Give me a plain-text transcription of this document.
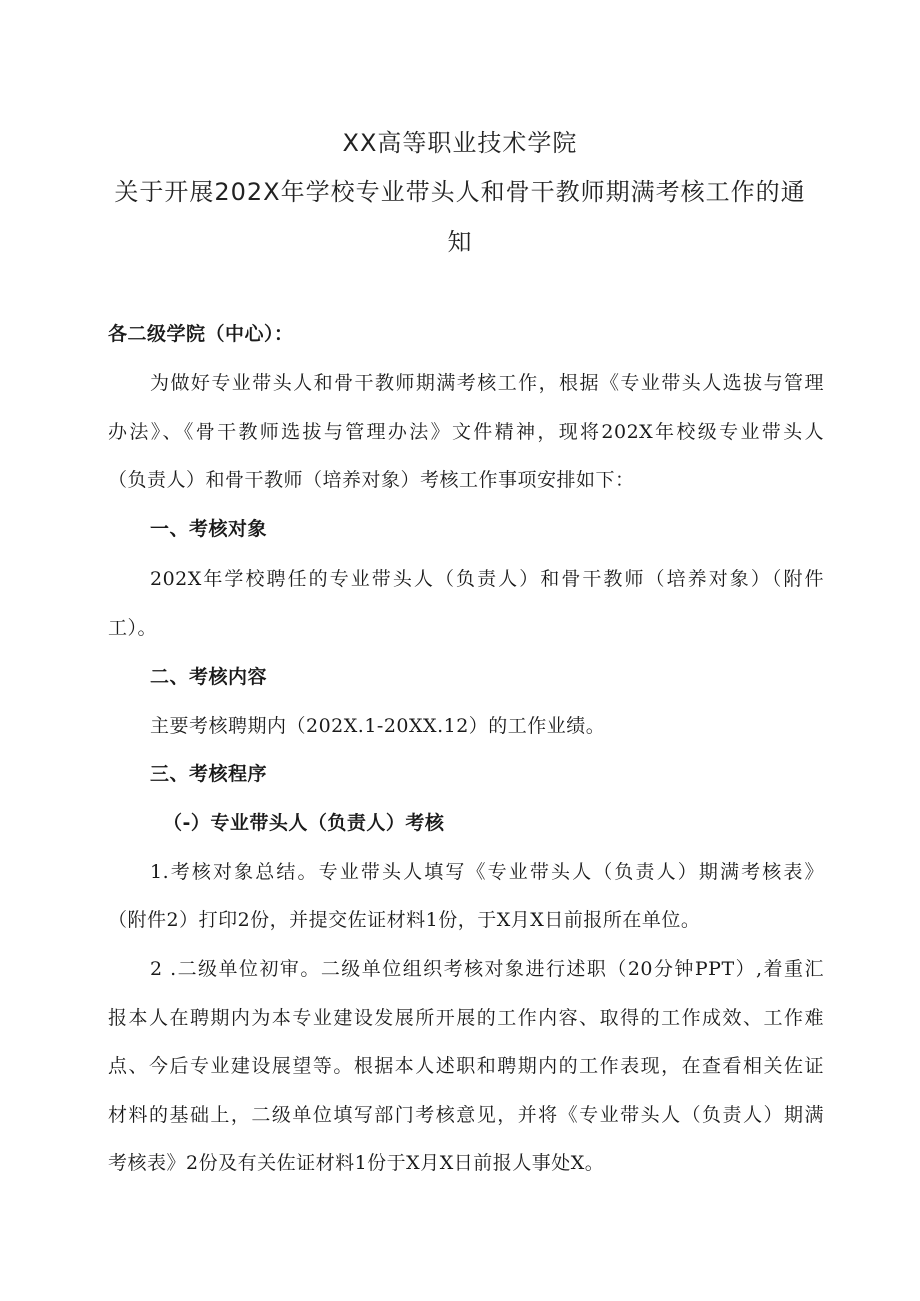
XX高等职业技术学院
关于开展202X年学校专业带头人和骨干教师期满考核工作的通
知
各二级学院（中心）：
为做好专业带头人和骨干教师期满考核工作，根据《专业带头人选拔与管理
办法》、《骨干教师选拔与管理办法》文件精神，现将202X年校级专业带头人
（负责人）和骨干教师（培养对象）考核工作事项安排如下：
一、考核对象
202X年学校聘任的专业带头人（负责人）和骨干教师（培养对象）（附件
工）。
二、考核内容
主要考核聘期内（202X.1-20XX.12）的工作业绩。
三、考核程序
（-）专业带头人（负责人）考核
1.考核对象总结。专业带头人填写《专业带头人（负责人）期满考核表》
（附件2）打印2份，并提交佐证材料1份，于X月X日前报所在单位。
2 .二级单位初审。二级单位组织考核对象进行述职（20分钟PPT）,着重汇
报本人在聘期内为本专业建设发展所开展的工作内容、取得的工作成效、工作难
点、今后专业建设展望等。根据本人述职和聘期内的工作表现，在查看相关佐证
材料的基础上，二级单位填写部门考核意见，并将《专业带头人（负责人）期满
考核表》2份及有关佐证材料1份于X月X日前报人事处X。
